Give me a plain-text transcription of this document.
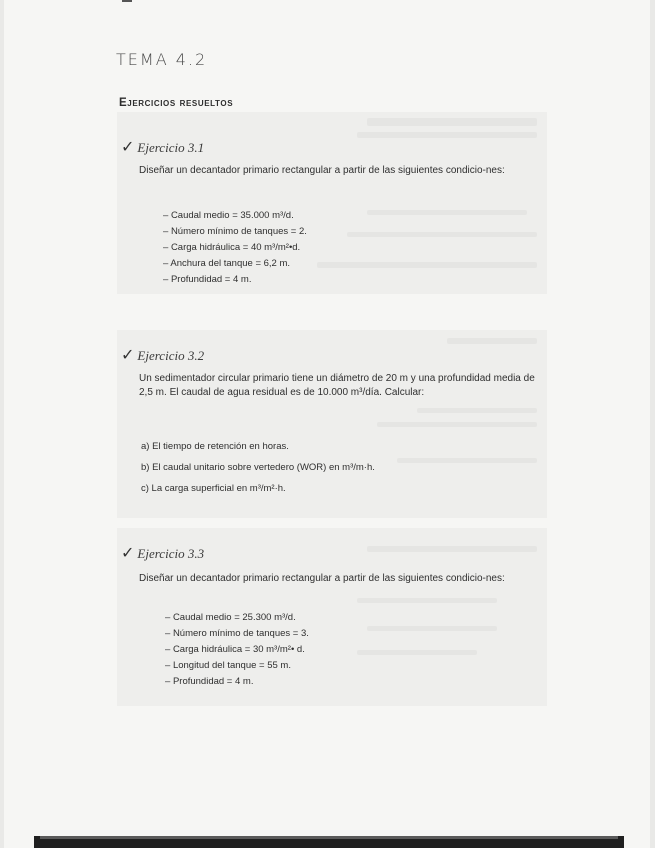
TEMA 4.2
Ejercicios resueltos
✓ Ejercicio 3.1
Diseñar un decantador primario rectangular a partir de las siguientes condicio-nes:
– Caudal medio = 35.000 m³/d.
– Número mínimo de tanques = 2.
– Carga hidráulica = 40 m³/m²•d.
– Anchura del tanque = 6,2 m.
– Profundidad = 4 m.
✓ Ejercicio 3.2
Un sedimentador circular primario tiene un diámetro de 20 m y una profundidad media de 2,5 m. El caudal de agua residual es de 10.000 m³/día. Calcular:
a) El tiempo de retención en horas.
b) El caudal unitario sobre vertedero (WOR) en m³/m·h.
c) La carga superficial en m³/m²·h.
✓ Ejercicio 3.3
Diseñar un decantador primario rectangular a partir de las siguientes condicio-nes:
– Caudal medio = 25.300 m³/d.
– Número mínimo de tanques = 3.
– Carga hidráulica = 30 m³/m²• d.
– Longitud del tanque = 55 m.
– Profundidad = 4 m.
